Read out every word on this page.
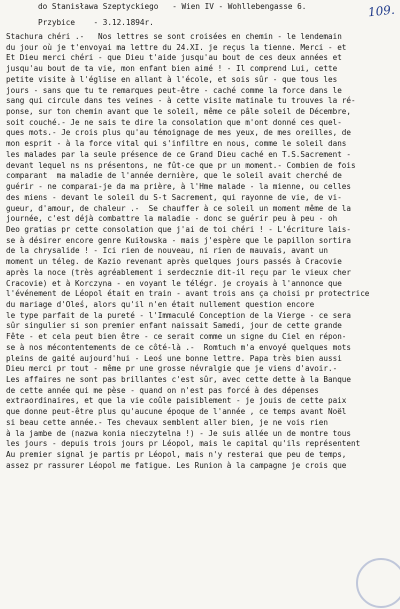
do Stanisława Szeptyckiego   - Wien IV - Wohllebengasse 6.
Przybice    - 3.12.1894r.
109.
Stachura chéri .-   Nos lettres se sont croisées en chemin - le lendemain
du jour où je t'envoyai ma lettre du 24.XI. je reçus la tienne. Merci - et
Et Dieu merci chéri - que Dieu t'aide jusqu'au bout de ces deux années et
jusqu'au bout de ta vie, mon enfant bien aimé ! - Il comprend Lui, cette
petite visite à l'église en allant à l'école, et sois sûr - que tous les
jours - sans que tu te remarques peut-être - caché comme la force dans le
sang qui circule dans tes veines - à cette visite matinale tu trouves la ré-
ponse, sur ton chemin avant que le soleil, même ce pâle soleil de Décembre,
soit couché.- Je ne sais te dire la consolation que m'ont donné ces quel-
ques mots.- Je crois plus qu'au témoignage de mes yeux, de mes oreilles, de
mon esprit - à la force vital qui s'infiltre en nous, comme le soleil dans
les malades par la seule présence de ce Grand Dieu caché en T.S.Sacrement -
devant lequel ns ns présentons, ne fût-ce que pr un moment.- Combien de fois
comparant  ma maladie de l'année dernière, que le soleil avait cherché de
guérir - ne comparai-je da ma prière, à l'Hme malade - la mienne, ou celles
des miens - devant le soleil du S-t Sacrement, qui rayonne de vie, de vi-
gueur, d'amour, de chaleur .-  Se chauffer à ce soleil un moment même de la
journée, c'est déjà combattre la maladie - donc se guérir peu à peu - oh
Deo gratias pr cette consolation que j'ai de toi chéri ! - L'écriture lais-
se à désirer encore genre Kuiłowska - mais j'espère que le papillon sortira
de la chrysalide ! - Ici rien de nouveau, ni rien de mauvais, avant un
moment un téleg. de Kazio revenant après quelques jours passés à Cracovie
après la noce (très agréablement i serdecznie dit-il reçu par le vieux cher
Cracovie) et à Korczyna - en voyant le télégr. je croyais à l'annonce que
l'événement de Léopol était en train - avant trois ans ça choisi pr protectrice
du mariage d'Oleś, alors qu'il n'en était nullement question encore
le type parfait de la pureté - l'Immaculé Conception de la Vierge - ce sera
sûr singulier si son premier enfant naissait Samedi, jour de cette grande
Fête - et cela peut bien être - ce serait comme un signe du Ciel en répon-
se à nos mécontentements de ce côté-là .-  Romtuch m'a envoyé quelques mots
pleins de gaité aujourd'hui - Leoś une bonne lettre. Papa très bien aussi
Dieu merci pr tout - même pr une grosse névralgie que je viens d'avoir.-
Les affaires ne sont pas brillantes c'est sûr, avec cette dette à la Banque
de cette année qui me pèse - quand on n'est pas forcé à des dépenses
extraordinaires, et que la vie coûle paisiblement - je jouis de cette paix
que donne peut-être plus qu'aucune époque de l'année , ce temps avant Noël
si beau cette année.- Tes chevaux semblent aller bien, je ne vois rien
à la jambe de (nazwa konia nieczytelna !) - Je suis allée un de montre tous
les jours - depuis trois jours pr Léopol, mais le capital qu'ils représentent
Au premier signal je partis pr Léopol, mais n'y resterai que peu de temps,
assez pr rassurer Léopol me fatigue. Les Runion à la campagne je crois que
